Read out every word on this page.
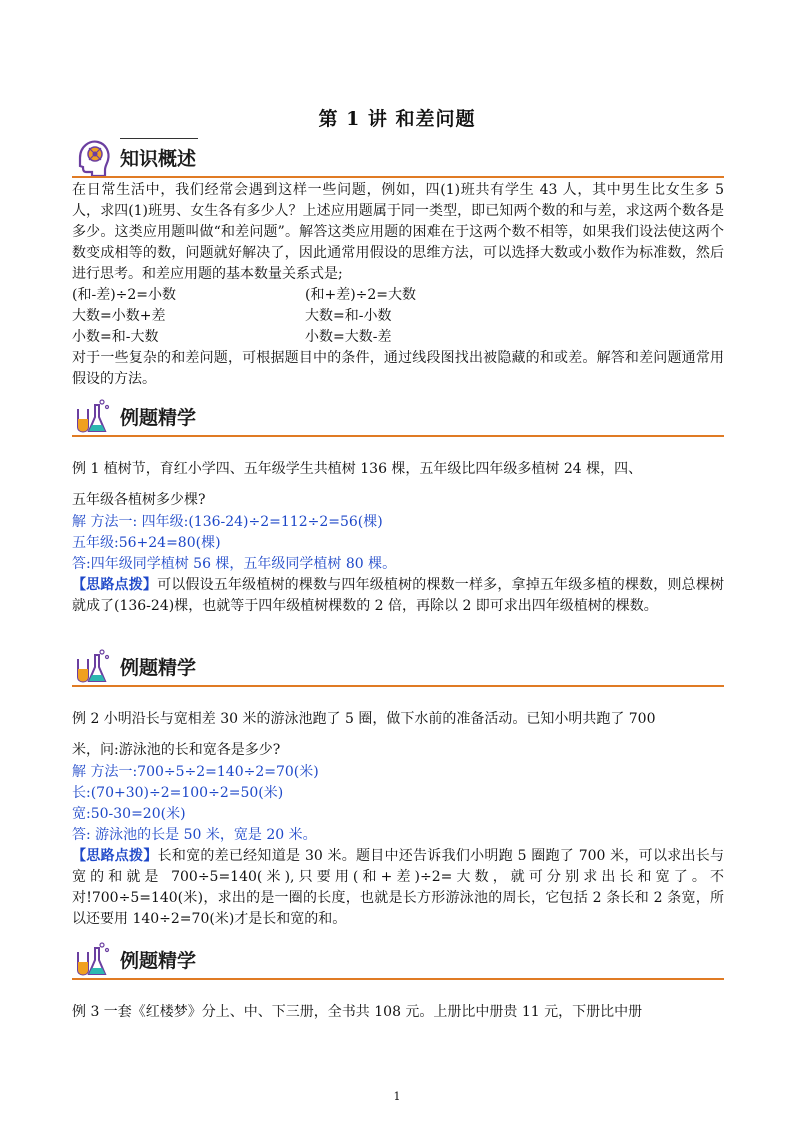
第 1 讲 和差问题
知识概述
在日常生活中，我们经常会遇到这样一些问题，例如，四(1)班共有学生 43 人，其中男生比女生多 5 人，求四(1)班男、女生各有多少人？上述应用题属于同一类型，即已知两个数的和与差，求这两个数各是多少。这类应用题叫做“和差问题”。解答这类应用题的困难在于这两个数不相等，如果我们设法使这两个数变成相等的数，问题就好解决了，因此通常用假设的思维方法，可以选择大数或小数作为标准数，然后进行思考。和差应用题的基本数量关系式是;
(和-差)÷2=小数	(和+差)÷2=大数
大数=小数+差	大数=和-小数
小数=和-大数	小数=大数-差
对于一些复杂的和差问题，可根据题目中的条件，通过线段图找出被隐藏的和或差。解答和差问题通常用假设的方法。
例题精学
例 1 植树节，育红小学四、五年级学生共植树 136 棵，五年级比四年级多植树 24 棵，四、
五年级各植树多少棵?
解 方法一: 四年级:(136-24)÷2=112÷2=56(棵)
五年级:56+24=80(棵)
答:四年级同学植树 56 棵，五年级同学植树 80 棵。
【思路点拨】可以假设五年级植树的棵数与四年级植树的棵数一样多，拿掉五年级多植的棵数，则总棵树就成了(136-24)棵，也就等于四年级植树棵数的 2 倍，再除以 2 即可求出四年级植树的棵数。
例题精学
例 2 小明沿长与宽相差 30 米的游泳池跑了 5 圈，做下水前的准备活动。已知小明共跑了 700
米，问:游泳池的长和宽各是多少?
解 方法一:700÷5÷2=140÷2=70(米)
长:(70+30)÷2=100÷2=50(米)
宽:50-30=20(米)
答: 游泳池的长是 50 米，宽是 20 米。
【思路点拨】长和宽的差已经知道是 30 米。题目中还告诉我们小明跑 5 圈跑了 700 米，可以求出长与宽的和就是 700÷5=140(米),只要用(和+差)÷2=大数，就可分别求出长和宽了。不对!700÷5=140(米)，求出的是一圈的长度，也就是长方形游泳池的周长，它包括 2 条长和 2 条宽，所以还要用 140÷2=70(米)才是长和宽的和。
例题精学
例 3 一套《红楼梦》分上、中、下三册，全书共 108 元。上册比中册贵 11 元，下册比中册
1
